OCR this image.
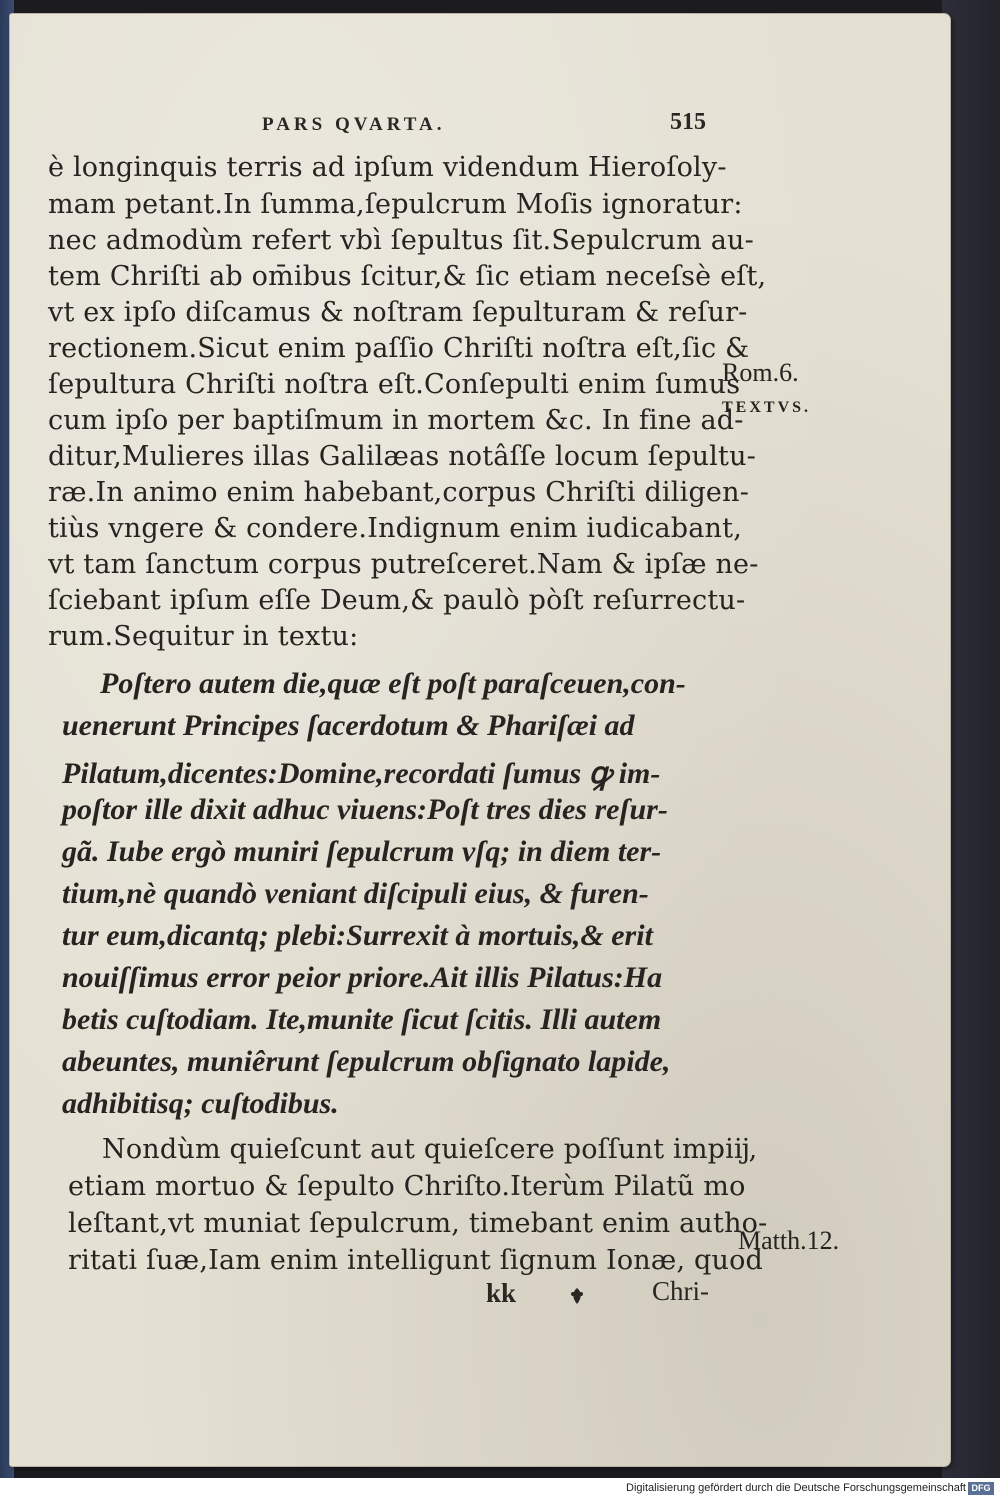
PARS QVARTA.	515
è longinquis terris ad ipſum videndum Hieroſoly-
mam petant.In ſumma,ſepulcrum Moſis ignoratur:
nec admodùm refert vbì ſepultus ſit.Sepulcrum au-
tem Chriſti ab om̄ibus ſcitur,& ſic etiam neceſsè eſt,
vt ex ipſo diſcamus & noſtram ſepulturam & reſur-
rectionem.Sicut enim paſſio Chriſti noſtra eſt,ſic &
ſepultura Chriſti noſtra eſt.Conſepulti enim ſumus
cum ipſo per baptiſmum in mortem &c. In fine ad-
ditur,Mulieres illas Galilæas notâſſe locum ſepultu-
ræ.In animo enim habebant,corpus Chriſti diligen-
tiùs vngere & condere.Indignum enim iudicabant,
vt tam ſanctum corpus putreſceret.Nam & ipſæ ne-
ſciebant ipſum eſſe Deum,& paulò pòſt reſurrectu-
rum.Sequitur in textu:
Poſtero autem die,quæ eſt poſt paraſceuen,con-
uenerunt Principes ſacerdotum & Phariſæi ad
Pilatum,dicentes:Domine,recordati ſumus ꝙ im-
poſtor ille dixit adhuc viuens:Poſt tres dies reſur-
gã. Iube ergò muniri ſepulcrum vſq; in diem ter-
tium,nè quandò veniant diſcipuli eius, & furen-
tur eum,dicantq; plebi:Surrexit à mortuis,& erit
nouiſſimus error peior priore.Ait illis Pilatus:Ha
betis cuſtodiam. Ite,munite ſicut ſcitis. Illi autem
abeuntes, muniêrunt ſepulcrum obſignato lapide,
adhibitisq; cuſtodibus.
Nondùm quieſcunt aut quieſcere poſſunt impiĳ,
etiam mortuo & ſepulto Chriſto.Iterùm Pilatũ mo
leſtant,vt muniat ſepulcrum, timebant enim autho-
ritati ſuæ,Iam enim intelligunt ſignum Ionæ, quod
Rom.6.
TEXTVS.
Matth.12.
kk	Chri-
Digitalisierung gefördert durch die Deutsche Forschungsgemeinschaft DFG
